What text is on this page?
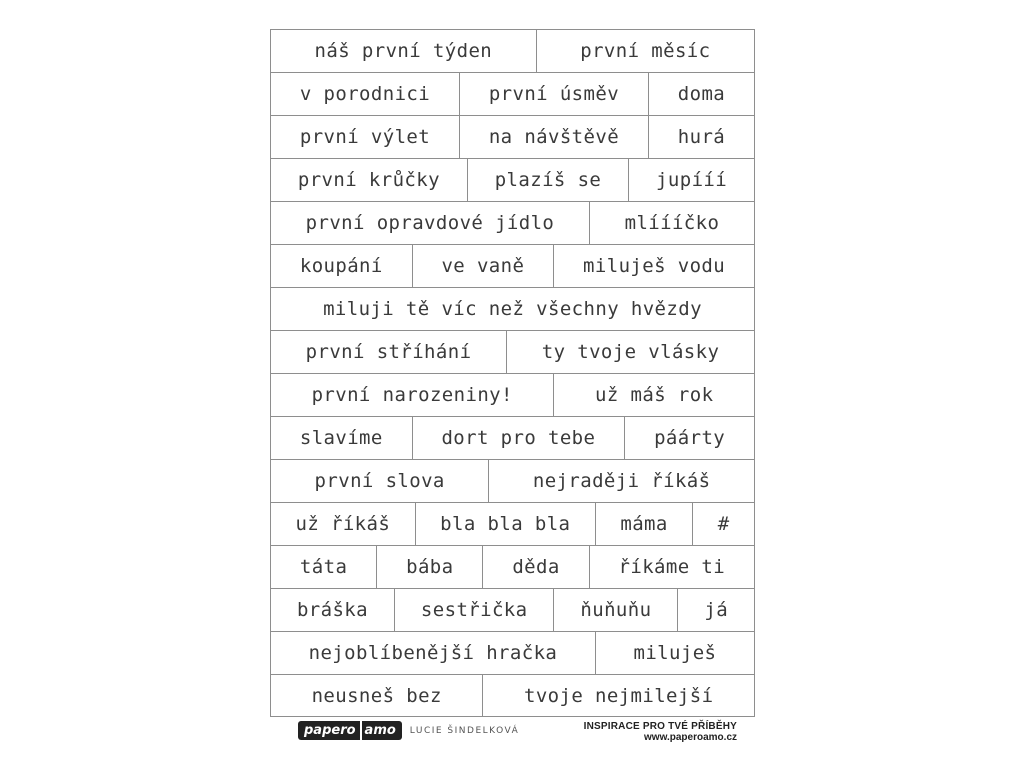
náš první týden	první měsíc
v porodnici	první úsměv	doma
první výlet	na návštěvě	hurá
první krůčky	plazíš se	jupííí
první opravdové jídlo	mlíííčko
koupání	ve vaně	miluješ vodu
miluji tě víc než všechny hvězdy
první stříhání	ty tvoje vlásky
první narozeniny!	už máš rok
slavíme	dort pro tebe	páárty
první slova	nejraději říkáš
už říkáš	bla bla bla	máma	#
táta	bába	děda	říkáme ti
bráška	sestřička	ňuňuňu	já
nejoblíbenější hračka	miluješ
neusneš bez	tvoje nejmilejší
papero amo	LUCIE ŠINDELKOVÁ	INSPIRACE PRO TVÉ PŘÍBĚHY
www.paperoamo.cz
